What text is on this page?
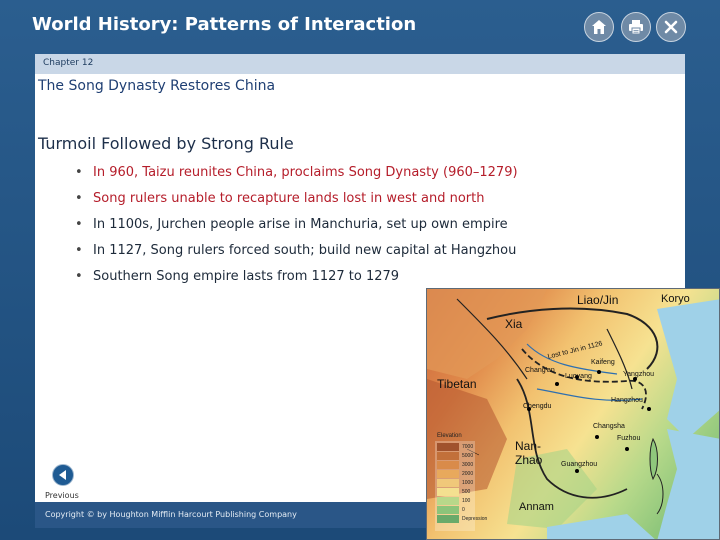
World History: Patterns of Interaction
Chapter 12
The Song Dynasty Restores China
Turmoil Followed by Strong Rule
• In 960, Taizu reunites China, proclaims Song Dynasty (960–1279)
• Song rulers unable to recapture lands lost in west and north
• In 1100s, Jurchen people arise in Manchuria, set up own empire
• In 1127, Song rulers forced south; build new capital at Hangzhou
• Southern Song empire lasts from 1127 to 1279
Copyright © by Houghton Mifflin Harcourt Publishing Company
Previous
Liao/Jin	Koryo
Xia
Lost to Jin in 1126
Kaifeng
Luoyang	Yangzhou
Chang'an
Tibetan
Hangzhou
Chengdu
Changsha
Fuzhou
Nan-
Zhao	Guangzhou
Annam
Elevation
7000
5000
3000
2000
1000
500
100
0
Depression
